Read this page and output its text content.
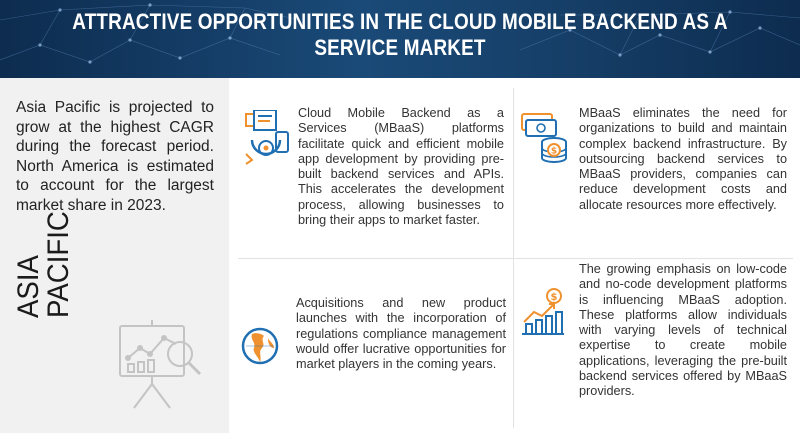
ATTRACTIVE OPPORTUNITIES IN THE CLOUD MOBILE BACKEND AS A SERVICE MARKET
Asia Pacific is projected to grow at the highest CAGR during the forecast period. North America is estimated to account for the largest market share in 2023.
ASIA
PACIFIC
Cloud Mobile Backend as a Services (MBaaS) platforms facilitate quick and efficient mobile app development by providing pre-built backend services and APIs. This accelerates the development process, allowing businesses to bring their apps to market faster.
$
MBaaS eliminates the need for organizations to build and maintain complex backend infrastructure. By outsourcing backend services to MBaaS providers, companies can reduce development costs and allocate resources more effectively.
Acquisitions and new product launches with the incorporation of regulations compliance management would offer lucrative opportunities for market players in the coming years.
$
The growing emphasis on low-code and no-code development platforms is influencing MBaaS adoption. These platforms allow individuals with varying levels of technical expertise to create mobile applications, leveraging the pre-built backend services offered by MBaaS providers.
